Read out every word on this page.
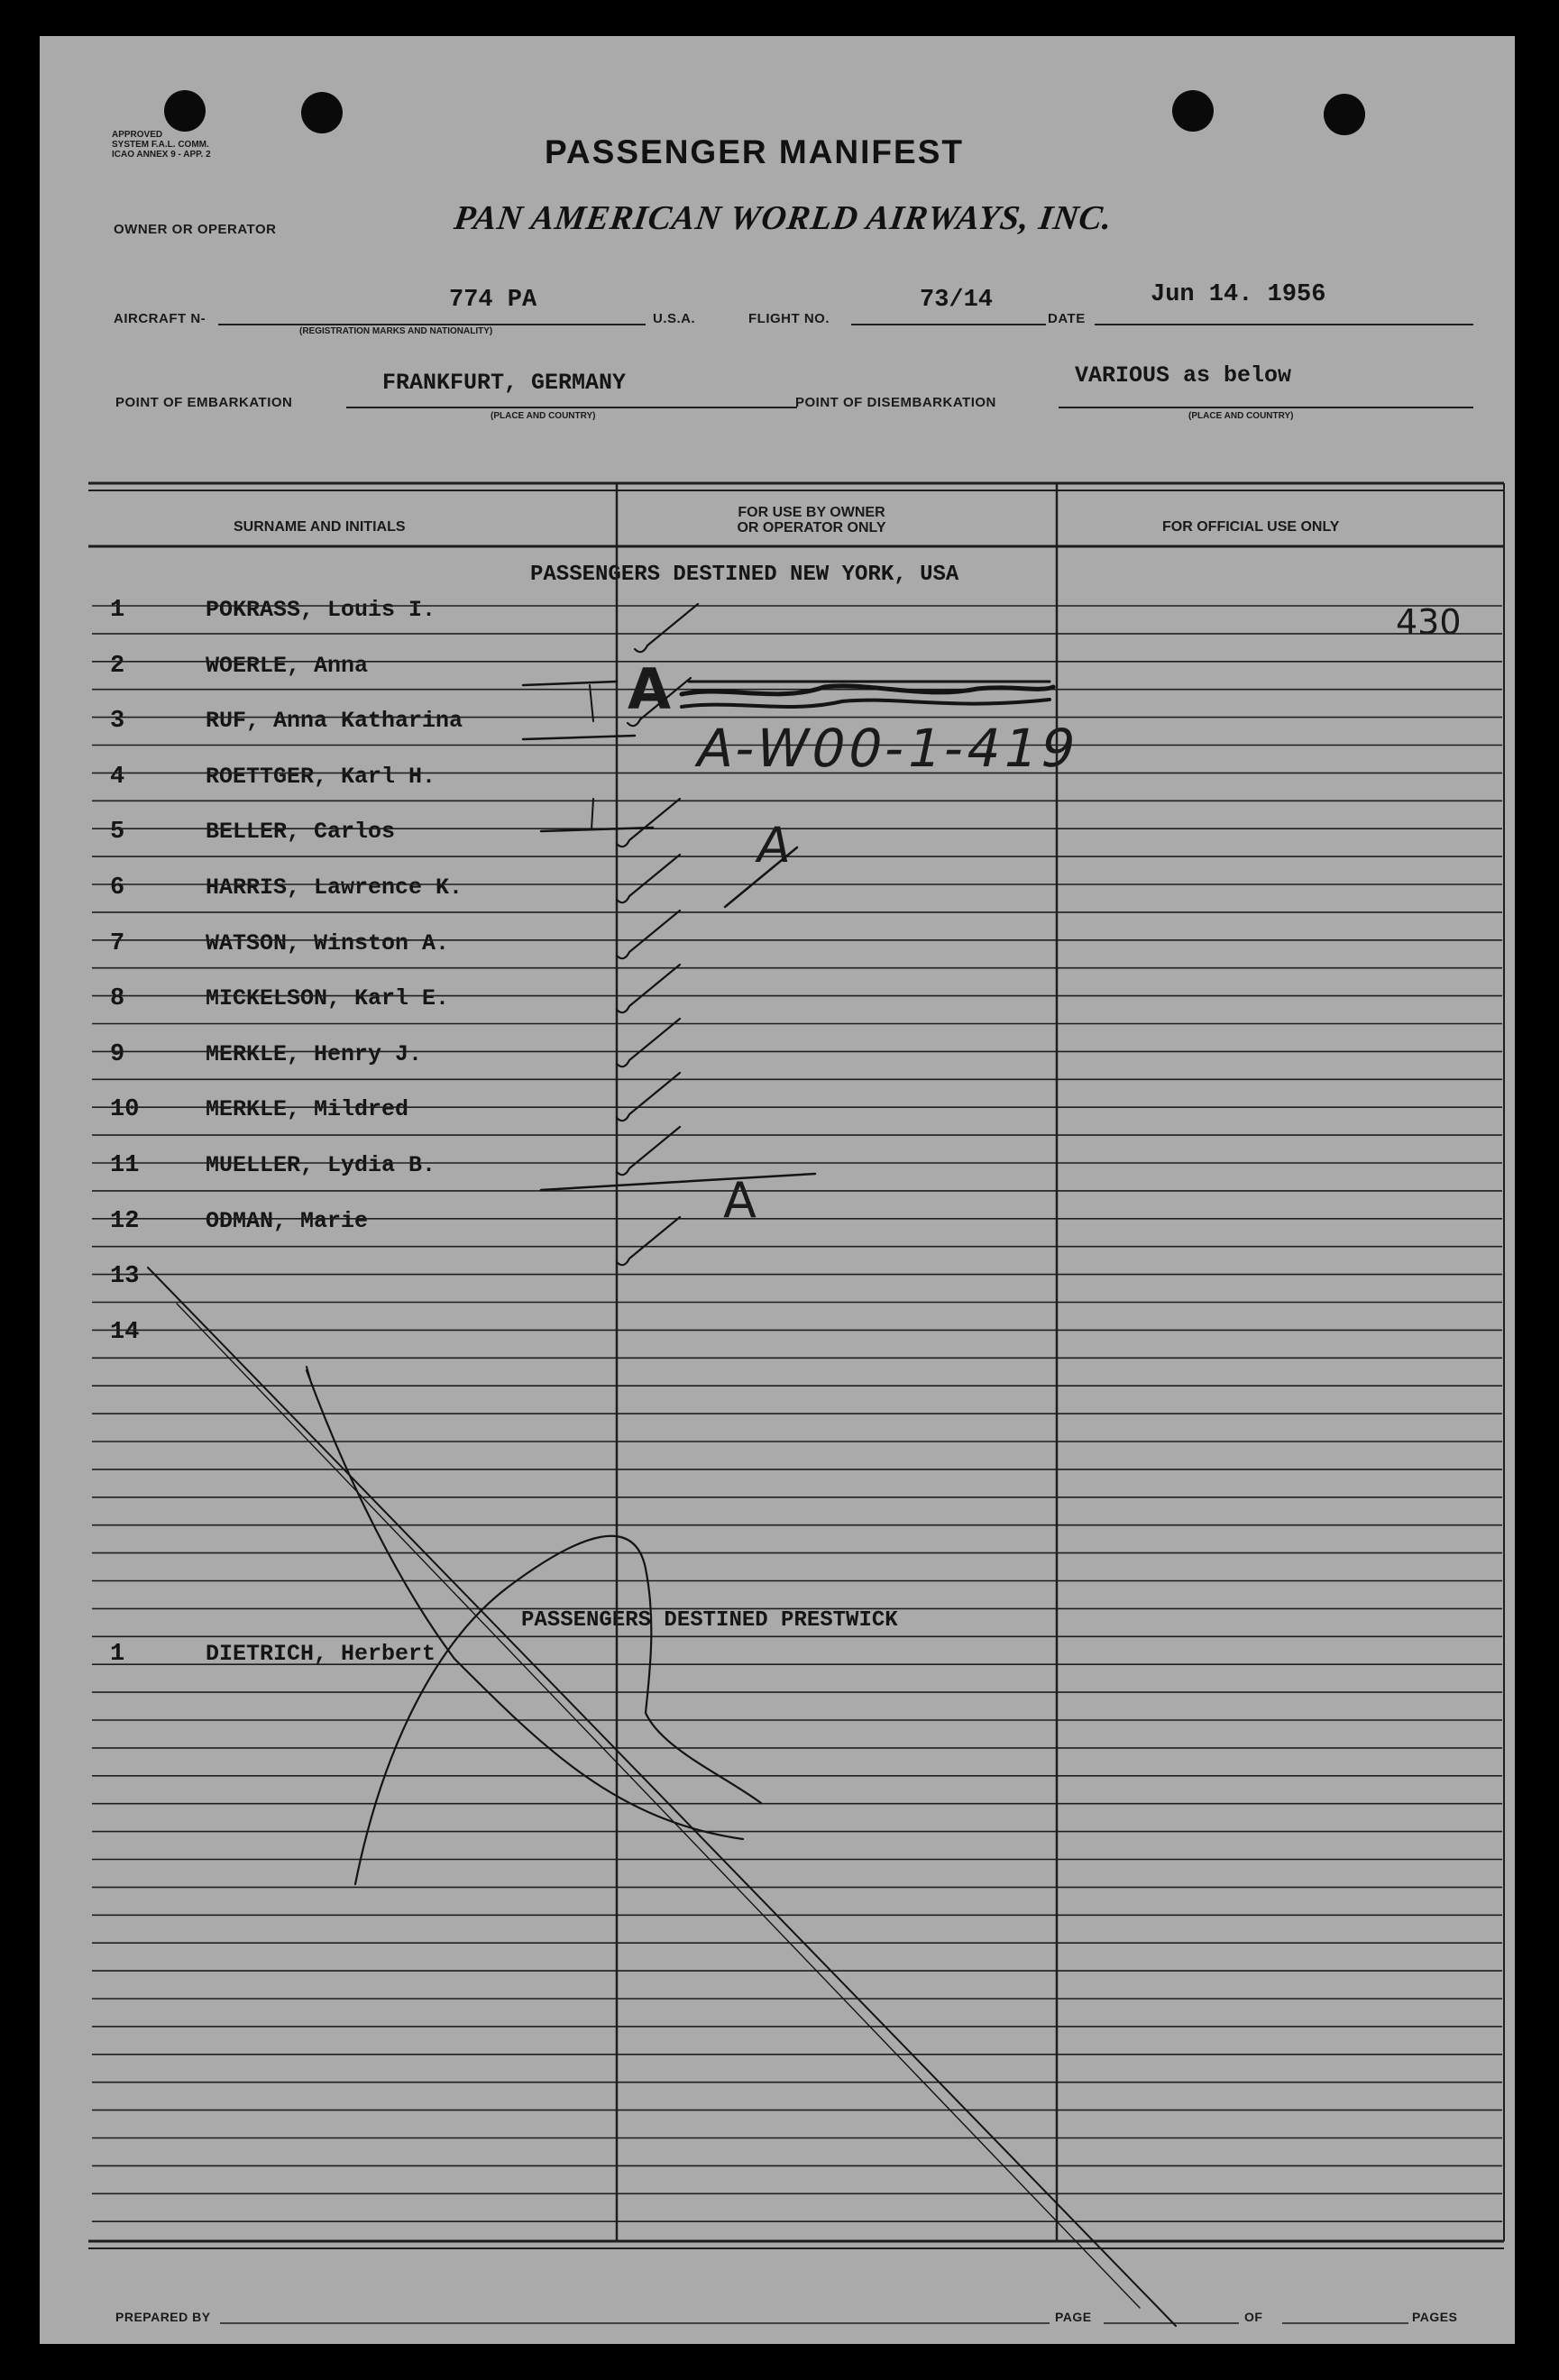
APPROVED
SYSTEM F.A.L. COMM.
ICAO ANNEX 9 - APP. 2	PASSENGER MANIFEST
OWNER OR OPERATOR	PAN AMERICAN WORLD AIRWAYS, INC.
AIRCRAFT N-
774 PA
(REGISTRATION MARKS AND NATIONALITY)
U.S.A.	FLIGHT NO.
73/14
DATE
Jun 14. 1956
POINT OF EMBARKATION
FRANKFURT, GERMANY
(PLACE AND COUNTRY)
POINT OF DISEMBARKATION
VARIOUS as below
(PLACE AND COUNTRY)
SURNAME AND INITIALS
FOR USE BY OWNER
OR OPERATOR ONLY	FOR OFFICIAL USE ONLY
PASSENGERS DESTINED NEW YORK, USA
PASSENGERS DESTINED PRESTWICK
1	POKRASS, Louis I.
2	WOERLE, Anna
3	RUF, Anna Katharina
4	ROETTGER, Karl H.
5	BELLER, Carlos
6	HARRIS, Lawrence K.
7	WATSON, Winston A.
8	MICKELSON, Karl E.
9	MERKLE, Henry J.
10	MERKLE, Mildred
11	MUELLER, Lydia B.
12	ODMAN, Marie
13
14
1	DIETRICH, Herbert
PREPARED BY	PAGE	OF	PAGES
430
A-W00-1-419
A
A
A
